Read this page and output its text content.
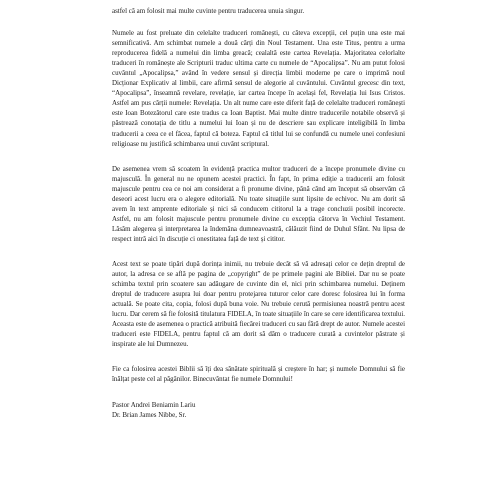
astfel că am folosit mai multe cuvinte pentru traducerea unuia singur.

Numele au fost preluate din celelalte traduceri românești, cu câteva excepții, cel puțin una este mai semnificativă. Am schimbat numele a două cărți din Noul Testament. Una este Titus, pentru a urma reproducerea fidelă a numelui din limba greacă; cealaltă este cartea Revelația. Majoritatea celorlalte traduceri în românește ale Scripturii traduc ultima carte cu numele de “Apocalipsa”. Nu am putut folosi cuvântul „Apocalipsa,” având în vedere sensul și direcția limbii moderne pe care o imprimă noul Dicționar Explicativ al limbii, care afirmă sensul de alegorie al cuvântului. Cuvântul grecesc din text, “Apocalipsa”, înseamnă revelare, revelație, iar cartea începe în același fel, Revelația lui Isus Cristos. Astfel am pus cărții numele: Revelația. Un alt nume care este diferit față de celelalte traduceri românești este Ioan Botezătorul care este tradus ca Ioan Baptist. Mai multe dintre traducerile notabile observă și păstrează conotația de titlu a numelui lui Ioan și nu de descriere sau explicare inteligibilă în limba traducerii a ceea ce el făcea, faptul că boteza. Faptul că titlul lui se confundă cu numele unei confesiuni religioase nu justifică schimbarea unui cuvânt scriptural.

De asemenea vrem să scoatem în evidență practica multor traduceri de a începe pronumele divine cu majusculă. În general nu ne opunem acestei practici. În fapt, în prima ediție a traducerii am folosit majuscule pentru cea ce noi am considerat a fi pronume divine, până când am început să observăm că deseori acest lucru era o alegere editorială. Nu toate situațiile sunt lipsite de echivoc. Nu am dorit să avem în text amprente editoriale și nici să conducem cititorul la a trage concluzii posibil incorecte. Astfel, nu am folosit majuscule pentru pronumele divine cu excepția câtorva în Vechiul Testament. Lăsăm alegerea și interpretarea la îndemâna dumneavoastră, călăuzit fiind de Duhul Sfânt. Nu lipsa de respect intră aici în discuție ci onestitatea față de text și cititor.

Acest text se poate tipări după dorința inimii, nu trebuie decât să vă adresați celor ce dețin dreptul de autor, la adresa ce se află pe pagina de „copyright” de pe primele pagini ale Bibliei. Dar nu se poate schimba textul prin scoatere sau adăugare de cuvinte din el, nici prin schimbarea numelui. Deținem dreptul de traducere asupra lui doar pentru protejarea tuturor celor care doresc folosirea lui în forma actuală. Se poate cita, copia, folosi după buna voie. Nu trebuie cerută permisiunea noastră pentru acest lucru. Dar cerem să fie folosită titulatura FIDELA, în toate situațiile în care se cere identificarea textului. Aceasta este de asemenea o practică atribuită fiecărei traduceri cu sau fără drept de autor. Numele acestei traduceri este FIDELA, pentru faptul că am dorit să dăm o traducere curată a cuvintelor păstrate și inspirate ale lui Dumnezeu.

Fie ca folosirea acestei Biblii să îți dea sănătate spirituală și creștere în har; și numele Domnului să fie înălțat peste cel al păgânilor. Binecuvântat fie numele Domnului!

Pastor Andrei Beniamin Lariu
Dr. Brian James Nibbe, Sr.
